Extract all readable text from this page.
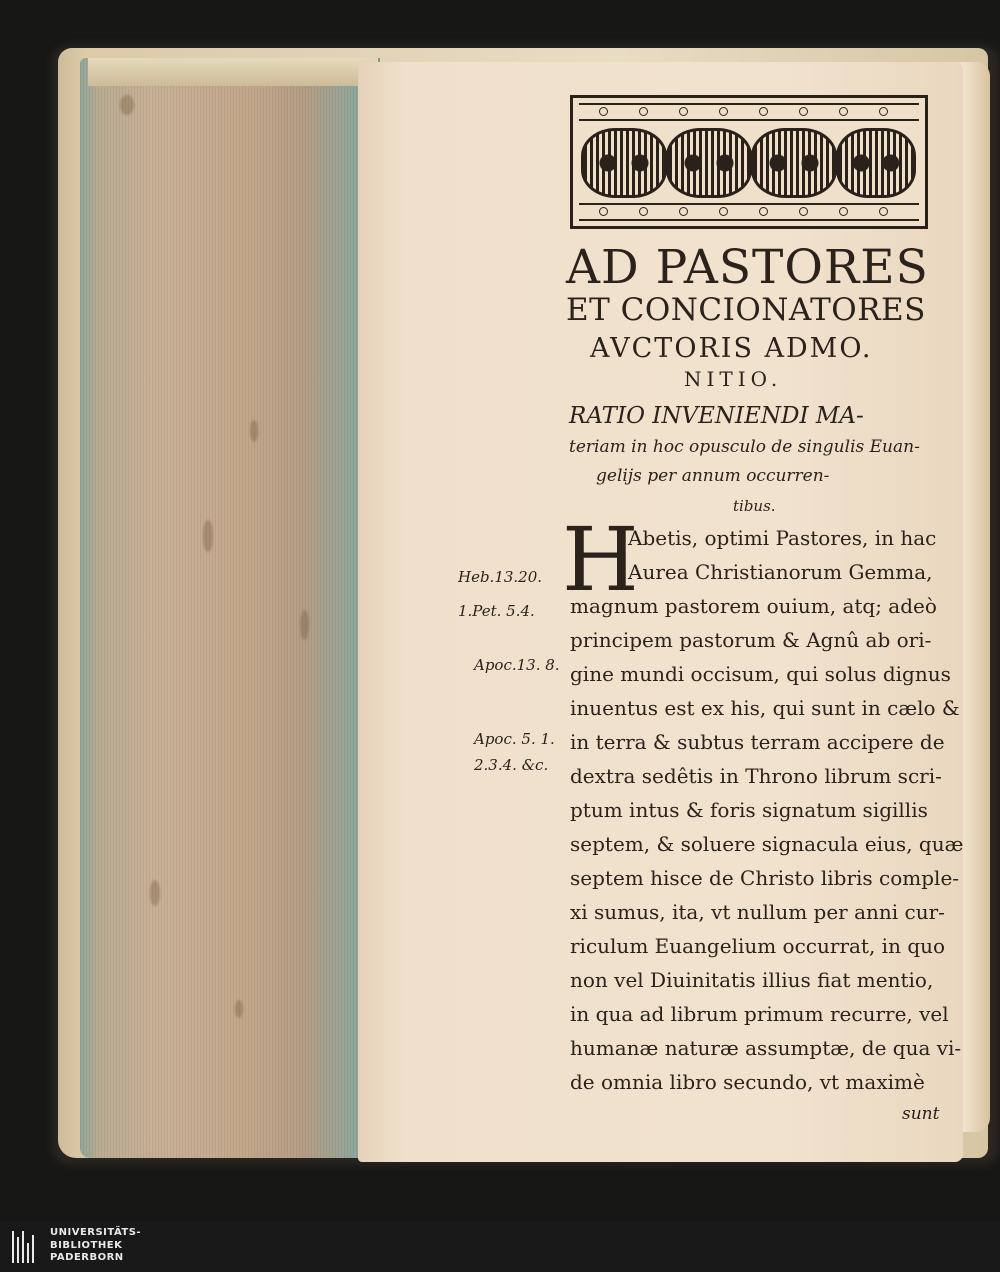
AD PASTORES
ET CONCIONATORES
AVCTORIS ADMO.
NITIO.
RATIO INVENIENDI MA-
teriam in hoc opusculo de singulis Euan-
gelijs per annum occurren-
tibus.
H
Abetis, optimi Pastores, in hac
Aurea Christianorum Gemma,
magnum pastorem ouium, atq; adeò
principem pastorum & Agnû ab ori-
gine mundi occisum, qui solus dignus
inuentus est ex his, qui sunt in cælo &
in terra & subtus terram accipere de
dextra sedêtis in Throno librum scri-
ptum intus & foris signatum sigillis
septem, & soluere signacula eius, quæ
septem hisce de Christo libris comple-
xi sumus, ita, vt nullum per anni cur-
riculum Euangelium occurrat, in quo
non vel Diuinitatis illius fiat mentio,
in qua ad librum primum recurre, vel
humanæ naturæ assumptæ, de qua vi-
de omnia libro secundo, vt maximè
sunt
Heb.13.20.
1.Pet. 5.4.
Apoc.13. 8.
Apoc. 5. 1.
2.3.4. &c.
UNIVERSITÄTS-
BIBLIOTHEK
PADERBORN
